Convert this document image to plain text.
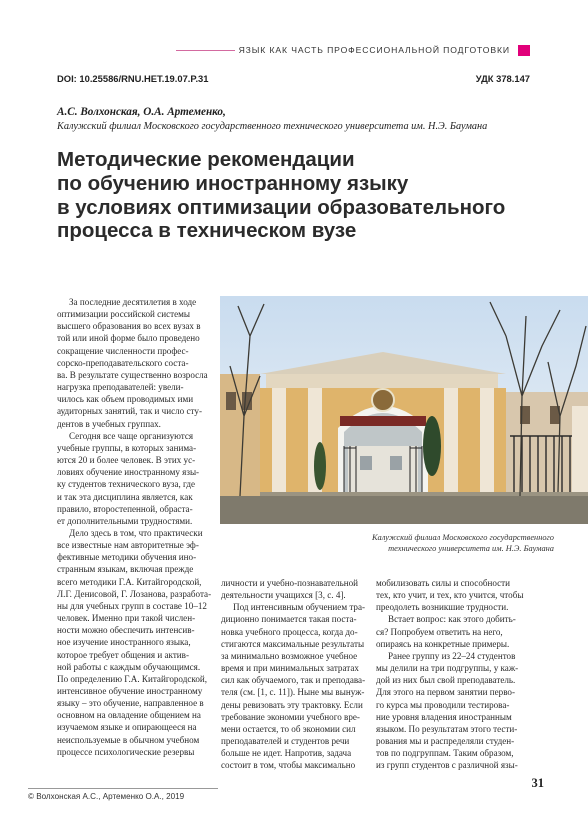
ЯЗЫК КАК ЧАСТЬ ПРОФЕССИОНАЛЬНОЙ ПОДГОТОВКИ
DOI: 10.25586/RNU.HET.19.07.P.31	УДК 378.147
А.С. Волхонская, О.А. Артеменко,
Калужский филиал Московского государственного технического университета им. Н.Э. Баумана
Методические рекомендации
по обучению иностранному языку
в условиях оптимизации образовательного
процесса в техническом вузе
За последние десятилетия в ходе
оптимизации российской системы
высшего образования во всех вузах в
той или иной форме было проведено
сокращение численности профес-
сорско-преподавательского соста-
ва. В результате существенно возросла
нагрузка преподавателей: увели-
чилось как объем проводимых ими
аудиторных занятий, так и число сту-
дентов в учебных группах.
Сегодня все чаще организуются
учебные группы, в которых занима-
ются 20 и более человек. В этих ус-
ловиях обучение иностранному язы-
ку студентов технического вуза, где
и так эта дисциплина является, как
правило, второстепенной, обраста-
ет дополнительными трудностями.
Дело здесь в том, что практически
все известные нам авторитетные эф-
фективные методики обучения ино-
странным языкам, включая прежде
всего методики Г.А. Китайгородской,
Л.Г. Денисовой, Г. Лозанова, разработа-
ны для учебных групп в составе 10–12
человек. Именно при такой числен-
ности можно обеспечить интенсив-
ное изучение иностранного языка,
которое требует общения и актив-
ной работы с каждым обучающимся.
По определению Г.А. Китайгородской,
интенсивное обучение иностранному
языку – это обучение, направленное в
основном на овладение общением на
изучаемом языке и опирающееся на
неиспользуемые в обычном учебном
процессе психологические резервы
личности и учебно-познавательной
деятельности учащихся [3, с. 4].
Под интенсивным обучением тра-
диционно понимается такая поста-
новка учебного процесса, когда до-
стигаются максимальные результаты
за минимально возможное учебное
время и при минимальных затратах
сил как обучаемого, так и преподава-
теля (см. [1, с. 11]). Ныне мы вынуж-
дены ревизовать эту трактовку. Если
требование экономии учебного вре-
мени остается, то об экономии сил
преподавателей и студентов речи
больше не идет. Напротив, задача
состоит в том, чтобы максимально
мобилизовать силы и способности
тех, кто учит, и тех, кто учится, чтобы
преодолеть возникшие трудности.
Встает вопрос: как этого добить-
ся? Попробуем ответить на него,
опираясь на конкретные примеры.
Ранее группу из 22–24 студентов
мы делили на три подгруппы, у каж-
дой из них был свой преподаватель.
Для этого на первом занятии перво-
го курса мы проводили тестирова-
ние уровня владения иностранным
языком. По результатам этого тести-
рования мы и распределяли студен-
тов по подгруппам. Таким образом,
из групп студентов с различной язы-
Калужский филиал Московского государственного
технического университета им. Н.Э. Баумана
© Волхонская А.С., Артеменко О.А., 2019
31
